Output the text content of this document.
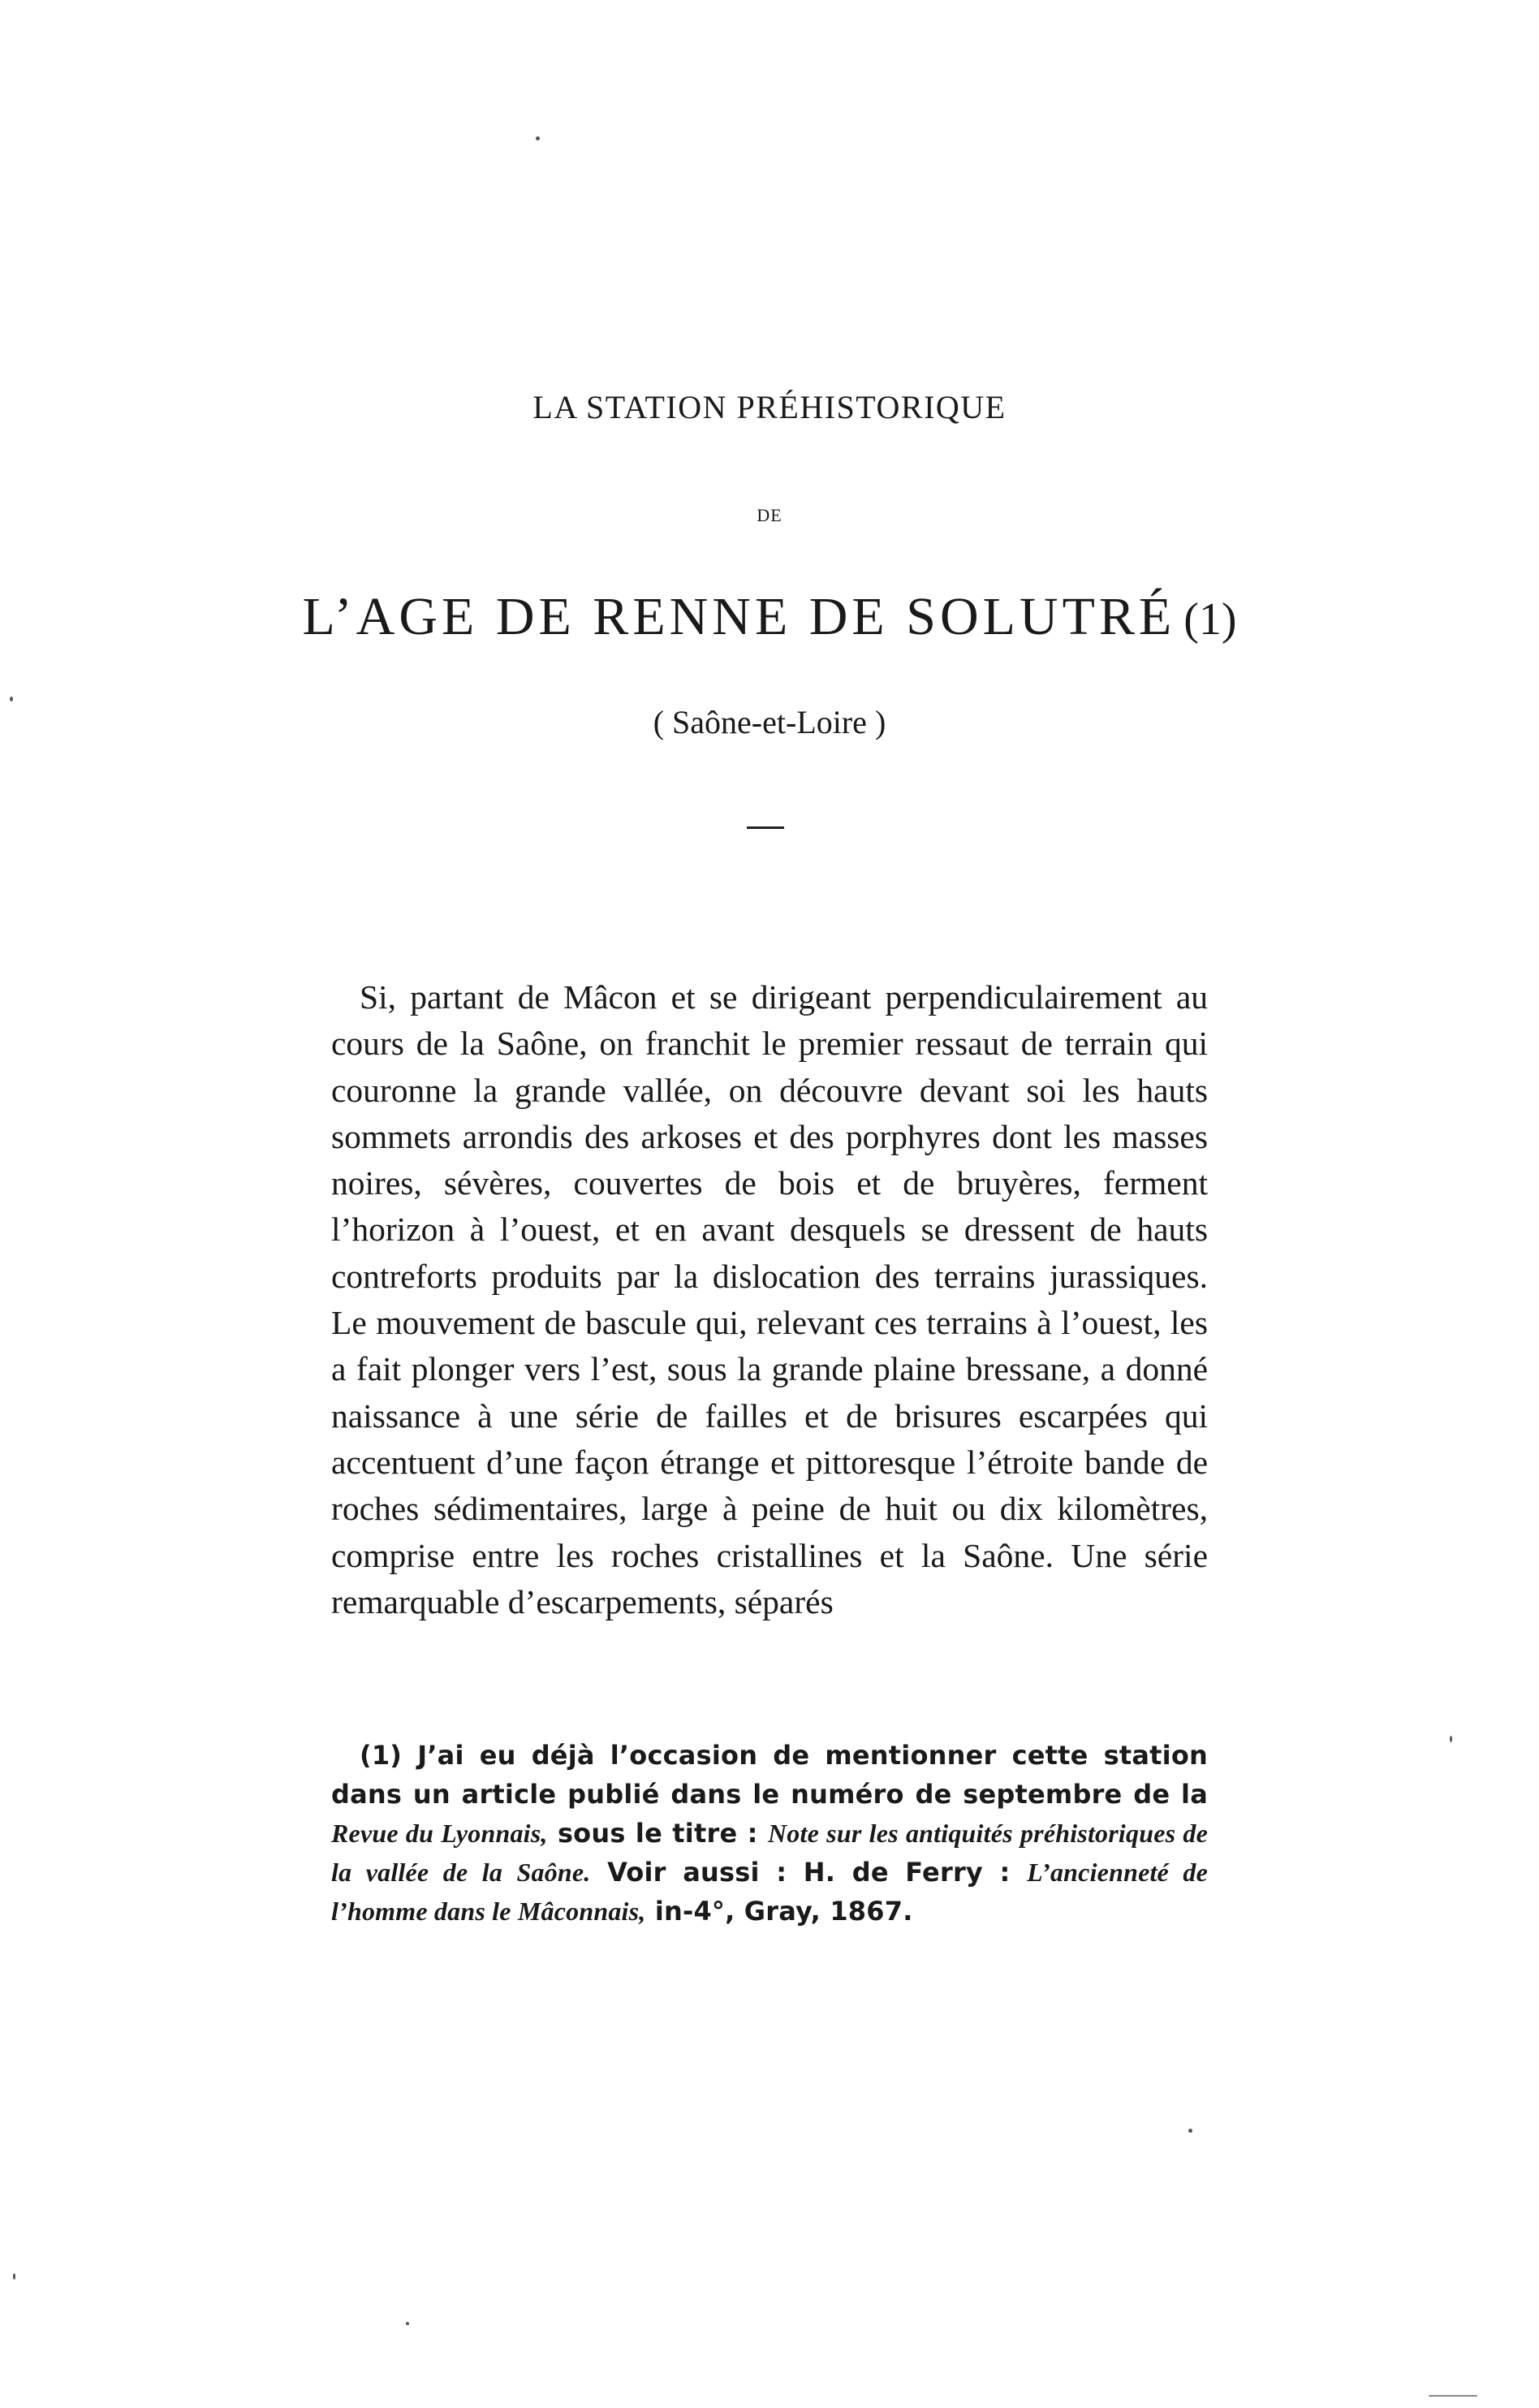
LA STATION PRÉHISTORIQUE
DE
L’AGE DE RENNE DE SOLUTRÉ (1)
( Saône-et-Loire )
Si, partant de Mâcon et se dirigeant perpendiculairement au cours de la Saône, on franchit le premier ressaut de terrain qui couronne la grande vallée, on découvre devant soi les hauts sommets arrondis des arkoses et des porphyres dont les masses noires, sévères, couvertes de bois et de bruyères, ferment l’horizon à l’ouest, et en avant desquels se dressent de hauts contreforts produits par la dislocation des terrains jurassiques. Le mouvement de bascule qui, relevant ces terrains à l’ouest, les a fait plonger vers l’est, sous la grande plaine bressane, a donné naissance à une série de failles et de brisures escarpées qui accentuent d’une façon étrange et pittoresque l’étroite bande de roches sédimentaires, large à peine de huit ou dix kilomètres, comprise entre les roches cristallines et la Saône. Une série remarquable d’escarpements, séparés
(1) J’ai eu déjà l’occasion de mentionner cette station dans un article publié dans le numéro de septembre de la Revue du Lyonnais, sous le titre : Note sur les antiquités préhistoriques de la vallée de la Saône. Voir aussi : H. de Ferry : L’ancienneté de l’homme dans le Mâconnais, in-4°, Gray, 1867.
